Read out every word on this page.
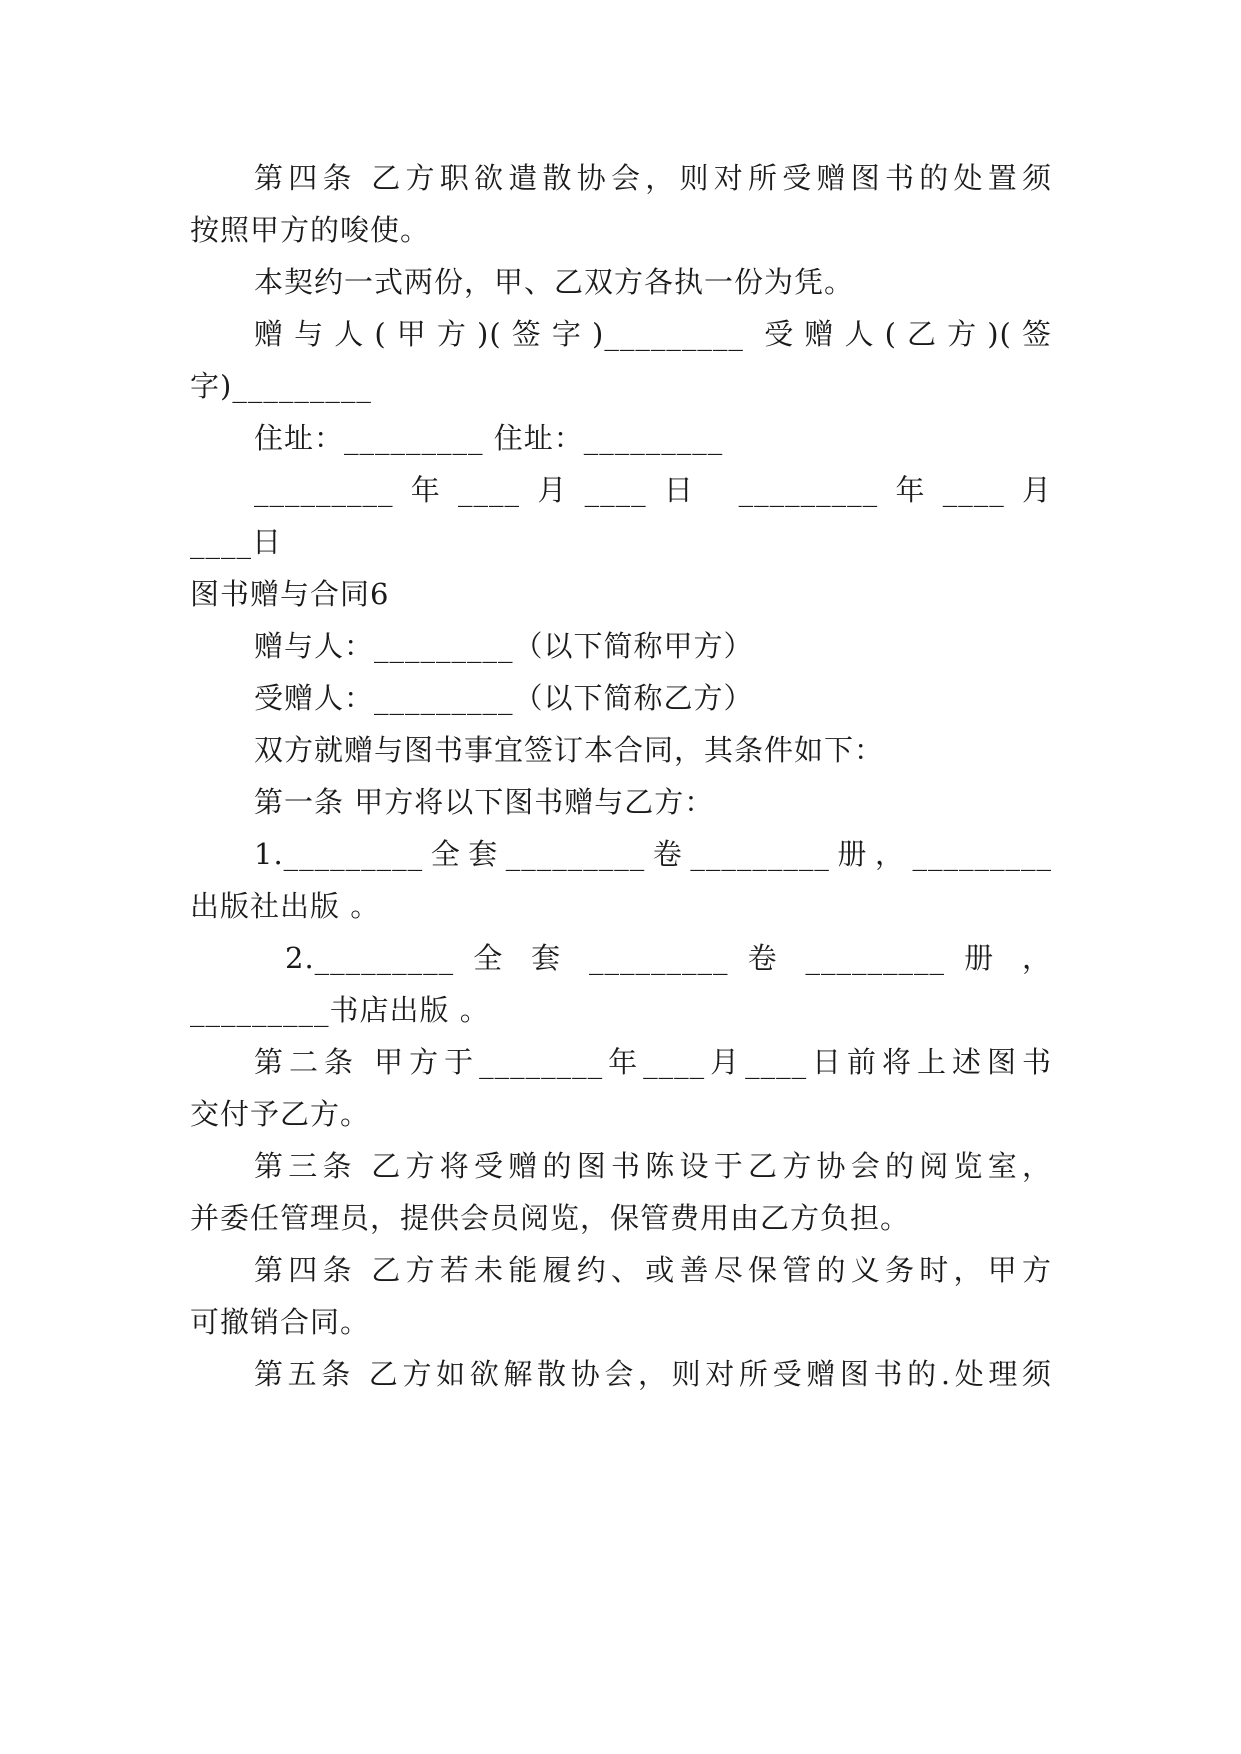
第四条 乙方职欲遣散协会，则对所受赠图书的处置须
按照甲方的唆使。
本契约一式两份，甲、乙双方各执一份为凭。
赠与人(甲方)(签字)_________ 受赠人(乙方)(签
字)_________
住址：_________ 住址：_________
_________年____月____日 _________年____月
____日
图书赠与合同6
赠与人：_________（以下简称甲方）
受赠人：_________（以下简称乙方）
双方就赠与图书事宜签订本合同，其条件如下：
第一条 甲方将以下图书赠与乙方：
1._________全套_________卷_________册，_________
出版社出版 。
2._________ 全 套 _________ 卷 _________ 册 ，
_________书店出版 。
第二条 甲方于________年____月____日前将上述图书
交付予乙方。
第三条 乙方将受赠的图书陈设于乙方协会的阅览室，
并委任管理员，提供会员阅览，保管费用由乙方负担。
第四条 乙方若未能履约、或善尽保管的义务时，甲方
可撤销合同。
第五条 乙方如欲解散协会，则对所受赠图书的.处理须
